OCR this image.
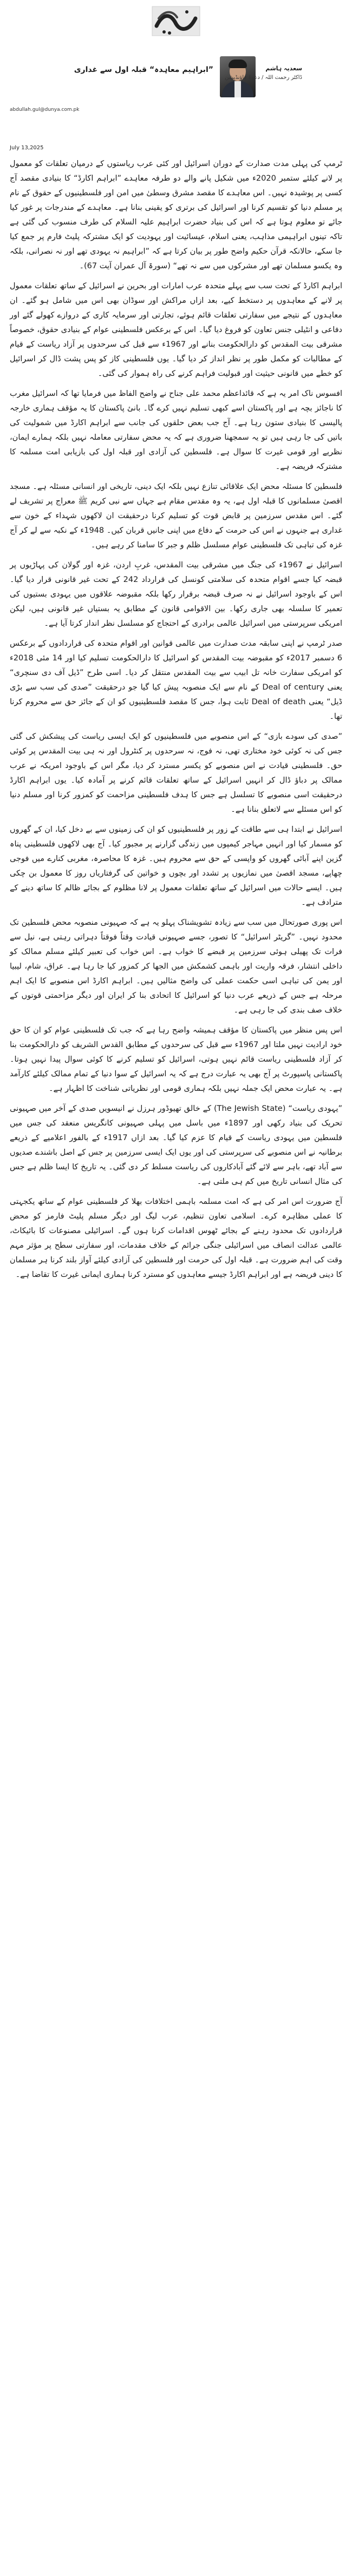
سعدیہ ہاشم
ڈاکٹر رحمت اللہ / دعوۃ فاؤنڈیشن
abdullah.gul@dunya.com.pk
”ابراہیم معاہدہ“ قبلہ اول سے غداری
July 13,2025

ٹرمپ کی پہلی مدت صدارت کے دوران اسرائیل اور کئی عرب ریاستوں کے درمیان تعلقات کو معمول پر لانے کیلئے ستمبر 2020ء میں شکیل پانے والے دو طرفہ معاہدے ”ابراہم اکارڈ“ کا بنیادی مقصد آج کسی پر پوشیدہ نہیں۔ اس معاہدے کا مقصد مشرق وسطیٰ میں امن اور فلسطینیوں کے حقوق کے نام پر مسلم دنیا کو تقسیم کرنا اور اسرائیل کی برتری کو یقینی بنانا ہے۔ معاہدے کے مندرجات پر غور کیا جائے تو معلوم ہوتا ہے کہ اس کی بنیاد حضرت ابراہیم علیہ السلام کی طرف منسوب کی گئی ہے تاکہ تینوں ابراہیمی مذاہب، یعنی اسلام، عیسائیت اور یہودیت کو ایک مشترکہ پلیٹ فارم پر جمع کیا جا سکے، حالانکہ قرآن حکیم واضح طور پر بیان کرتا ہے کہ ”ابراہیم نہ یہودی تھے اور نہ نصرانی، بلکہ وہ یکسو مسلمان تھے اور مشرکوں میں سے نہ تھے“ (سورۃ آل عمران آیت 67)۔

ابراہم اکارڈ کے تحت سب سے پہلے متحدہ عرب امارات اور بحرین نے اسرائیل کے ساتھ تعلقات معمول پر لانے کے معاہدوں پر دستخط کیے، بعد ازاں مراکش اور سوڈان بھی اس میں شامل ہو گئے۔ ان معاہدوں کے نتیجے میں سفارتی تعلقات قائم ہوئے، تجارتی اور سرمایہ کاری کے دروازے کھولے گئے اور دفاعی و انٹیلی جنس تعاون کو فروغ دیا گیا۔ اس کے برعکس فلسطینی عوام کے بنیادی حقوق، خصوصاً مشرقی بیت المقدس کو دارالحکومت بنانے اور 1967ء سے قبل کی سرحدوں پر آزاد ریاست کے قیام کے مطالبات کو مکمل طور پر نظر انداز کر دیا گیا۔ یوں فلسطینی کاز کو پس پشت ڈال کر اسرائیل کو خطے میں قانونی حیثیت اور قبولیت فراہم کرنے کی راہ ہموار کی گئی۔

افسوس ناک امر یہ ہے کہ قائداعظم محمد علی جناح نے واضح الفاظ میں فرمایا تھا کہ اسرائیل مغرب کا ناجائز بچہ ہے اور پاکستان اسے کبھی تسلیم نہیں کرے گا۔ بانیٔ پاکستان کا یہ مؤقف ہماری خارجہ پالیسی کا بنیادی ستون رہا ہے۔ آج جب بعض حلقوں کی جانب سے ابراہم اکارڈ میں شمولیت کی باتیں کی جا رہی ہیں تو یہ سمجھنا ضروری ہے کہ یہ محض سفارتی معاملہ نہیں بلکہ ہمارے ایمان، نظریے اور قومی غیرت کا سوال ہے۔ فلسطین کی آزادی اور قبلہ اول کی بازیابی امت مسلمہ کا مشترکہ فریضہ ہے۔

فلسطین کا مسئلہ محض ایک علاقائی تنازع نہیں بلکہ ایک دینی، تاریخی اور انسانی مسئلہ ہے۔ مسجد اقصیٰ مسلمانوں کا قبلہ اول ہے، یہ وہ مقدس مقام ہے جہاں سے نبی کریم ﷺ معراج پر تشریف لے گئے۔ اس مقدس سرزمین پر قابض قوت کو تسلیم کرنا درحقیقت ان لاکھوں شہداء کے خون سے غداری ہے جنہوں نے اس کی حرمت کے دفاع میں اپنی جانیں قربان کیں۔ 1948ء کے نکبہ سے لے کر آج غزہ کی تباہی تک فلسطینی عوام مسلسل ظلم و جبر کا سامنا کر رہے ہیں۔

اسرائیل نے 1967ء کی جنگ میں مشرقی بیت المقدس، غربِ اردن، غزہ اور گولان کی پہاڑیوں پر قبضہ کیا جسے اقوام متحدہ کی سلامتی کونسل کی قرارداد 242 کے تحت غیر قانونی قرار دیا گیا۔ اس کے باوجود اسرائیل نے نہ صرف قبضہ برقرار رکھا بلکہ مقبوضہ علاقوں میں یہودی بستیوں کی تعمیر کا سلسلہ بھی جاری رکھا۔ بین الاقوامی قانون کے مطابق یہ بستیاں غیر قانونی ہیں، لیکن امریکی سرپرستی میں اسرائیل عالمی برادری کے احتجاج کو مسلسل نظر انداز کرتا آیا ہے۔

صدر ٹرمپ نے اپنی سابقہ مدت صدارت میں عالمی قوانین اور اقوام متحدہ کی قراردادوں کے برعکس 6 دسمبر 2017ء کو مقبوضہ بیت المقدس کو اسرائیل کا دارالحکومت تسلیم کیا اور 14 مئی 2018ء کو امریکی سفارت خانہ تل ابیب سے بیت المقدس منتقل کر دیا۔ اسی طرح ”ڈیل آف دی سنچری“ یعنی Deal of century کے نام سے ایک منصوبہ پیش کیا گیا جو درحقیقت ”صدی کی سب سے بڑی ڈیل“ یعنی Deal of death ثابت ہوا، جس کا مقصد فلسطینیوں کو ان کے جائز حق سے محروم کرنا تھا۔

”صدی کی سودے بازی“ کے اس منصوبے میں فلسطینیوں کو ایک ایسی ریاست کی پیشکش کی گئی جس کی نہ کوئی خود مختاری تھی، نہ فوج، نہ سرحدوں پر کنٹرول اور نہ ہی بیت المقدس پر کوئی حق۔ فلسطینی قیادت نے اس منصوبے کو یکسر مسترد کر دیا، مگر اس کے باوجود امریکہ نے عرب ممالک پر دباؤ ڈال کر انہیں اسرائیل کے ساتھ تعلقات قائم کرنے پر آمادہ کیا۔ یوں ابراہم اکارڈ درحقیقت اسی منصوبے کا تسلسل ہے جس کا ہدف فلسطینی مزاحمت کو کمزور کرنا اور مسلم دنیا کو اس مسئلے سے لاتعلق بنانا ہے۔

اسرائیل نے ابتدا ہی سے طاقت کے زور پر فلسطینیوں کو ان کی زمینوں سے بے دخل کیا، ان کے گھروں کو مسمار کیا اور انہیں مہاجر کیمپوں میں زندگی گزارنے پر مجبور کیا۔ آج بھی لاکھوں فلسطینی پناہ گزین اپنے آبائی گھروں کو واپسی کے حق سے محروم ہیں۔ غزہ کا محاصرہ، مغربی کنارے میں فوجی چھاپے، مسجد اقصیٰ میں نمازیوں پر تشدد اور بچوں و خواتین کی گرفتاریاں روز کا معمول بن چکی ہیں۔ ایسے حالات میں اسرائیل کے ساتھ تعلقات معمول پر لانا مظلوم کے بجائے ظالم کا ساتھ دینے کے مترادف ہے۔

اس پوری صورتحال میں سب سے زیادہ تشویشناک پہلو یہ ہے کہ صہیونی منصوبہ محض فلسطین تک محدود نہیں۔ ”گریٹر اسرائیل“ کا تصور، جسے صہیونی قیادت وقتاً فوقتاً دہراتی رہتی ہے، نیل سے فرات تک پھیلی ہوئی سرزمین پر قبضے کا خواب ہے۔ اس خواب کی تعبیر کیلئے مسلم ممالک کو داخلی انتشار، فرقہ واریت اور باہمی کشمکش میں الجھا کر کمزور کیا جا رہا ہے۔ عراق، شام، لیبیا اور یمن کی تباہی اسی حکمت عملی کی واضح مثالیں ہیں۔ ابراہم اکارڈ اس منصوبے کا ایک اہم مرحلہ ہے جس کے ذریعے عرب دنیا کو اسرائیل کا اتحادی بنا کر ایران اور دیگر مزاحمتی قوتوں کے خلاف صف بندی کی جا رہی ہے۔

اس پس منظر میں پاکستان کا مؤقف ہمیشہ واضح رہا ہے کہ جب تک فلسطینی عوام کو ان کا حق خود ارادیت نہیں ملتا اور 1967ء سے قبل کی سرحدوں کے مطابق القدس الشریف کو دارالحکومت بنا کر آزاد فلسطینی ریاست قائم نہیں ہوتی، اسرائیل کو تسلیم کرنے کا کوئی سوال پیدا نہیں ہوتا۔ پاکستانی پاسپورٹ پر آج بھی یہ عبارت درج ہے کہ یہ اسرائیل کے سوا دنیا کے تمام ممالک کیلئے کارآمد ہے۔ یہ عبارت محض ایک جملہ نہیں بلکہ ہماری قومی اور نظریاتی شناخت کا اظہار ہے۔

”یہودی ریاست“ (The Jewish State) کے خالق تھیوڈور ہرزل نے انیسویں صدی کے آخر میں صہیونی تحریک کی بنیاد رکھی اور 1897ء میں باسل میں پہلی صہیونی کانگریس منعقد کی جس میں فلسطین میں یہودی ریاست کے قیام کا عزم کیا گیا۔ بعد ازاں 1917ء کے بالفور اعلامیے کے ذریعے برطانیہ نے اس منصوبے کی سرپرستی کی اور یوں ایک ایسی سرزمین پر جس کے اصل باشندے صدیوں سے آباد تھے، باہر سے لائے گئے آبادکاروں کی ریاست مسلط کر دی گئی۔ یہ تاریخ کا ایسا ظلم ہے جس کی مثال انسانی تاریخ میں کم ہی ملتی ہے۔

آج ضرورت اس امر کی ہے کہ امت مسلمہ باہمی اختلافات بھلا کر فلسطینی عوام کے ساتھ یکجہتی کا عملی مظاہرہ کرے۔ اسلامی تعاون تنظیم، عرب لیگ اور دیگر مسلم پلیٹ فارمز کو محض قراردادوں تک محدود رہنے کے بجائے ٹھوس اقدامات کرنا ہوں گے۔ اسرائیلی مصنوعات کا بائیکاٹ، عالمی عدالت انصاف میں اسرائیلی جنگی جرائم کے خلاف مقدمات، اور سفارتی سطح پر مؤثر مہم وقت کی اہم ضرورت ہے۔ قبلہ اول کی حرمت اور فلسطین کی آزادی کیلئے آواز بلند کرنا ہر مسلمان کا دینی فریضہ ہے اور ابراہم اکارڈ جیسے معاہدوں کو مسترد کرنا ہماری ایمانی غیرت کا تقاضا ہے۔
